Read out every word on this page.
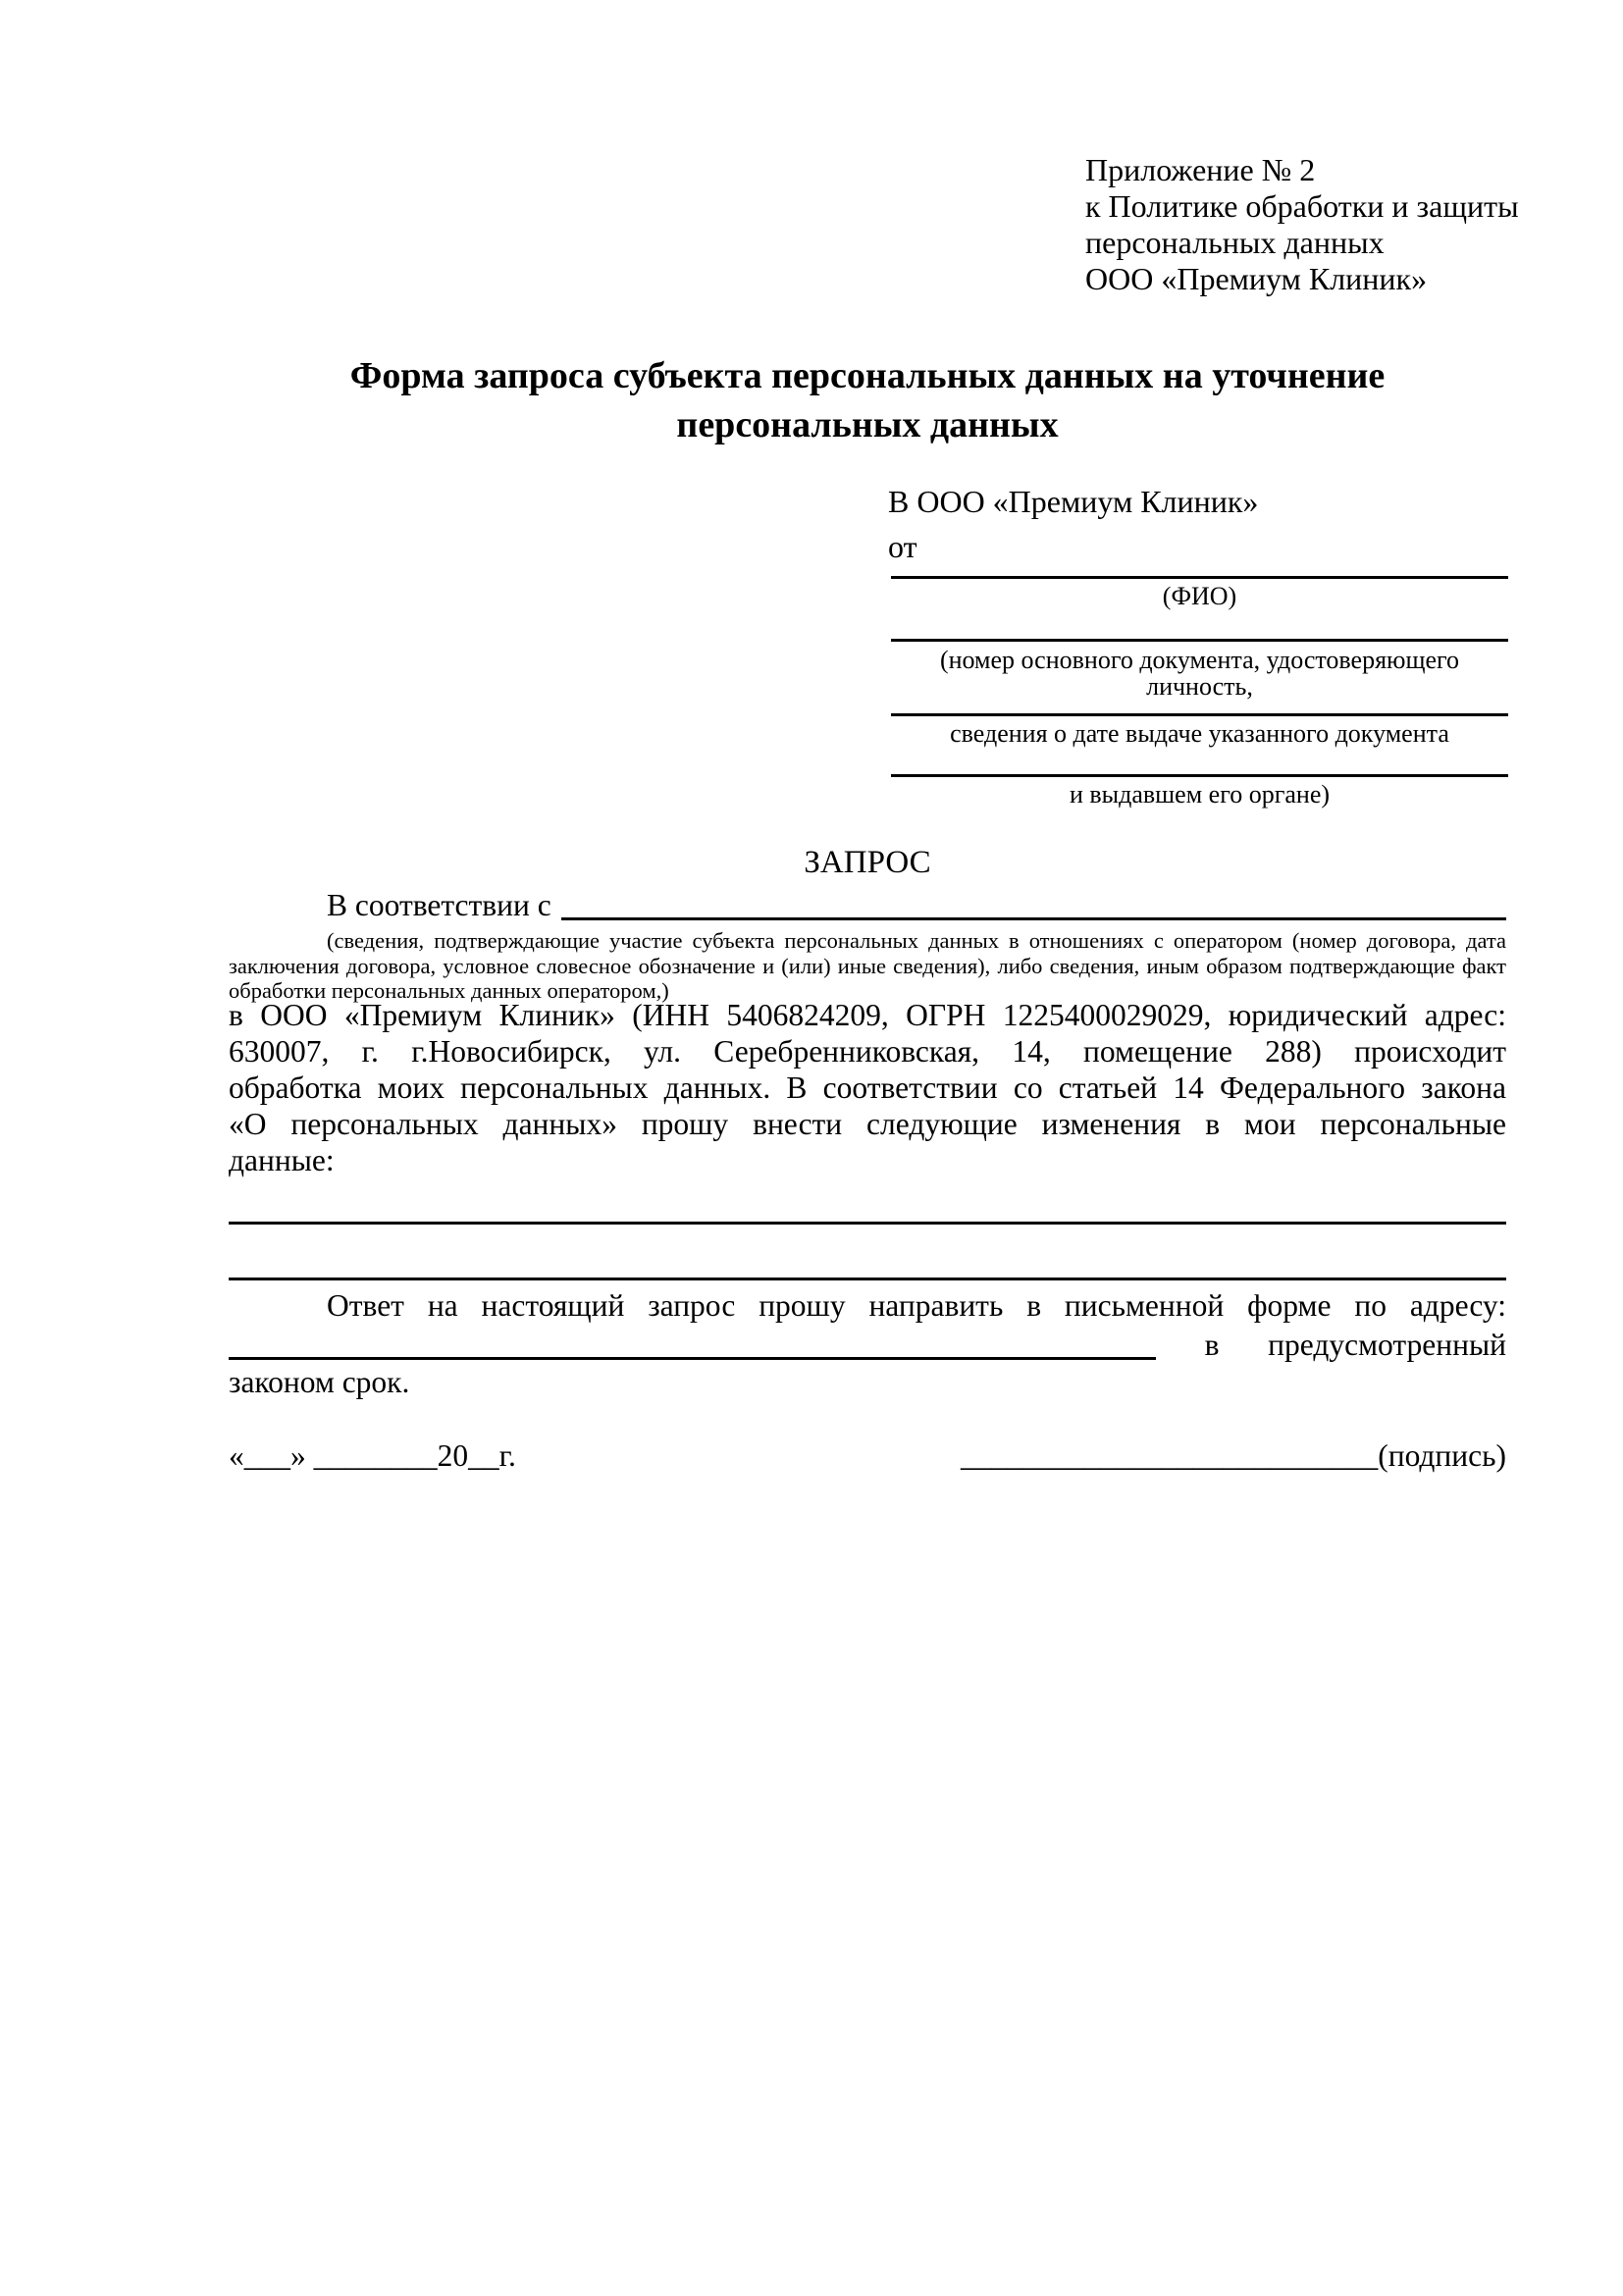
Приложение № 2
к Политике обработки и защиты
персональных данных
ООО «Премиум Клиник»
Форма запроса субъекта персональных данных на уточнение персональных данных
В ООО «Премиум Клиник»
от
(ФИО)
(номер основного документа, удостоверяющего личность,
сведения о дате выдаче указанного документа
и выдавшем его органе)
ЗАПРОС
В соответствии с
(сведения, подтверждающие участие субъекта персональных данных в отношениях с оператором (номер договора, дата
заключения договора, условное словесное обозначение и (или) иные сведения), либо сведения, иным образом подтверждающие факт
обработки персональных данных оператором,)
в ООО «Премиум Клиник» (ИНН 5406824209, ОГРН 1225400029029, юридический адрес:
630007, г. г.Новосибирск, ул. Серебренниковская, 14, помещение 288) происходит
обработка моих персональных данных. В соответствии со статьей 14 Федерального закона
«О персональных данных» прошу внести следующие изменения в мои персональные
данные:
Ответ на настоящий запрос прошу направить в письменной форме по адресу:
в предусмотренный
законом срок.
«___» ________20__г.	___________________________(подпись)
